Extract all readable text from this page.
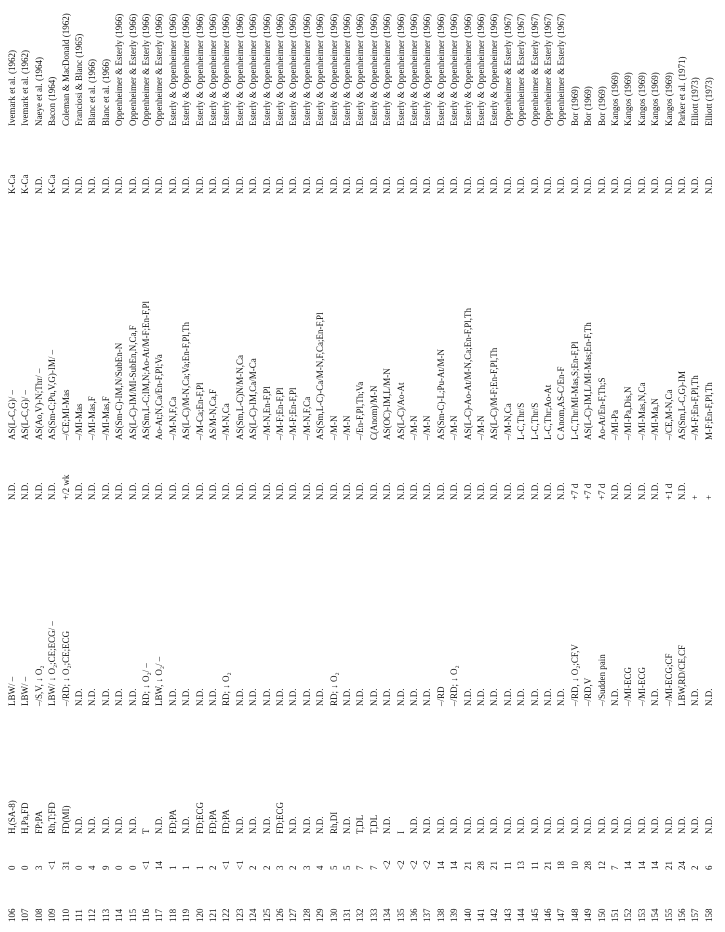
106
0
H,(SA-8)
LBW/ –
N.D.
AS(L-C,G)/ –
K-Ca
Ivemark et al. (1962)
107
0
H,Pa,FD
LBW/ –
N.D.
AS(L-C,G)/ –
K-Ca
Ivemark et al. (1962)
108
3
FP;PA
–/S,V, ↓ O₂
N.D.
AS(Ao,V)-N;Thr/ –
N.D.
Naeye et al. (1964)
109
<1
Rh,T;FD
LBW/ ↓ O₂;CE;ECG/ –
N.D.
AS(Sm-C;Pu,V,G)-IM/ –
K-Ca
Bacon (1964)
110
31
FD(MI)
–/RD; ↓ O₂;CE;ECG
+/2 wk
–/CE;MI-Mas
N.D.
Coleman & MacDonald (1962)
111
0
N.D.
N.D.
N.D.
–/MI-Mas
N.D.
Franciosi & Blanc (1965)
112
4
N.D.
N.D.
N.D.
–/MI-Mas,F
N.D.
Blanc et al. (1966)
113
9
N.D.
N.D.
N.D.
–/MI-Mas,F
N.D.
Blanc et al. (1966)
114
0
N.D.
N.D.
N.D.
AS(Sm-C)-IM,N/SubEn-N
N.D.
Oppenheimer & Esterly (1966)
115
0
N.D.
N.D.
N.D.
AS(L-C)-IM/MI-SubEn,N,Ca,F
N.D.
Oppenheimer & Esterly (1966)
116
<1
T
RD; ↓ O₂/ –
N.D.
AS(Sm,L-C;IM,N;Ao-At/M-F;En-F,Pl
N.D.
Oppenheimer & Esterly (1966)
117
14
N.D.
LBW, ↓ O₂/ –
N.D.
Ao-At;N,Ca/En-F,Pl;Va
N.D.
Oppenheimer & Esterly (1966)
118
1
FD;PA
N.D.
N.D.
–/M-N,F,Ca
N.D.
Esterly & Oppenheimer (1966)
119
1
N.D.
N.D.
N.D.
AS(L-C)/M-N,Ca;Va;En-F,Pl,Th
N.D.
Esterly & Oppenheimer (1966)
120
1
FD;ECG
N.D.
N.D.
–/M-Ca;En-F,Pl
N.D.
Esterly & Oppenheimer (1966)
121
2
FD;PA
N.D.
N.D.
AS/M-N,Ca,F
N.D.
Esterly & Oppenheimer (1966)
122
<1
FD;PA
RD; ↓ O₂
N.D.
–/M-N,Ca
N.D.
Esterly & Oppenheimer (1966)
123
<1
N.D.
N.D.
N.D.
AS(Sm,L-C)N/M-N,Ca
N.D.
Esterly & Oppenheimer (1966)
124
2
N.D.
N.D.
N.D.
AS(L-C)-IM,Ca/M-Ca
N.D.
Esterly & Oppenheimer (1966)
125
2
N.D.
N.D.
N.D.
–/M-N,En-F,Pl
N.D.
Esterly & Oppenheimer (1966)
126
3
FD;ECG
N.D.
N.D.
–/M-F;En-F,Pl
N.D.
Esterly & Oppenheimer (1966)
127
2
N.D.
N.D.
N.D.
–/M-F;En-F,Pl
N.D.
Esterly & Oppenheimer (1966)
128
3
N.D.
N.D.
N.D.
–/M-N,F,Ca
N.D.
Esterly & Oppenheimer (1966)
129
4
N.D.
N.D.
N.D.
AS(Sm,L-C)-Ca/M-N,F,Ca;En-F,Pl
N.D.
Esterly & Oppenheimer (1966)
130
5
Rh,DI
RD; ↓ O₂
N.D.
–/M-N
N.D.
Esterly & Oppenheimer (1966)
131
5
N.D.
N.D.
N.D.
–/M-N
N.D.
Esterly & Oppenheimer (1966)
132
7
T,DL
N.D.
N.D.
–/En-F,Pl,Th;Va
N.D.
Esterly & Oppenheimer (1966)
133
7
T,DL
N.D.
N.D.
C(Anom)/M-N
N.D.
Esterly & Oppenheimer (1966)
134
<2
N.D.
N.D.
N.D.
AS(OC)-IM,L/M-N
N.D.
Esterly & Oppenheimer (1966)
135
<2
I
N.D.
N.D.
AS(L-C)/Ao-At
N.D.
Esterly & Oppenheimer (1966)
136
<2
N.D.
N.D.
N.D.
–/M-N
N.D.
Esterly & Oppenheimer (1966)
137
<2
N.D.
N.D.
N.D.
–/M-N
N.D.
Esterly & Oppenheimer (1966)
138
14
N.D.
–/RD
N.D.
AS(Sm-C)-L;Pu-At/M-N
N.D.
Esterly & Oppenheimer (1966)
139
14
N.D.
–/RD; ↓ O₂
N.D.
–/M-N
N.D.
Esterly & Oppenheimer (1966)
140
21
N.D.
N.D.
N.D.
AS(L-C)-Ao-At/M-N,Ca;En-F,Pl,Th
N.D.
Esterly & Oppenheimer (1966)
141
28
N.D.
N.D.
N.D.
–/M-N
N.D.
Esterly & Oppenheimer (1966)
142
21
N.D.
N.D.
N.D.
AS(L-C)/M-F;En-F,Pl,Th
N.D.
Esterly & Oppenheimer (1966)
143
11
N.D.
N.D.
N.D.
–/M-N,Ca
N.D.
Oppenheimer & Esterly (1967)
144
13
N.D.
N.D.
N.D.
L-C,Thr/S
N.D.
Oppenheimer & Esterly (1967)
145
11
N.D.
N.D.
N.D.
L-C,Thr/S
N.D.
Oppenheimer & Esterly (1967)
146
21
N.D.
N.D.
N.D.
L-C,Thr;Ao-At
N.D.
Oppenheimer & Esterly (1967)
147
18
N.D.
N.D.
N.D.
C Anom,AS-C/En-F
N.D.
Oppenheimer & Esterly (1967)
148
10
N.D.
–/RD, ↓ O₂;CF,V
+7 d
L-C,Thr/MI-Mas,S;En-F,Pl
N.D.
Bor (1969)
149
28
N.D.
–/RD,V
+7 d
AS(L-C)-IM,L/MI-Mas;En-F,Th
N.D.
Bor (1969)
150
12
N.D.
–/Sudden pain
+7 d
Ao-At/En-F,Th;S
N.D.
Bor (1969)
151
7
N.D.
N.D.
N.D.
–/MI-Pa
N.D.
Kangos (1969)
152
14
N.D.
–/MI-ECG
N.D.
–/MI-Pa,Dis,N
N.D.
Kangos (1969)
153
14
N.D.
–/MI-ECG
N.D.
–/MI-Mas,N,Ca
N.D.
Kangos (1969)
154
14
N.D.
N.D.
N.D.
–/MI-Ma,N
N.D.
Kangos (1969)
155
21
N.D.
–/MI-ECG;CF
+1 d
–/CE,M-N,Ca
N.D.
Kangos (1969)
156
24
N.D.
LBW,RD/CE,CF
N.D.
AS(Sm,L-C,G)-IM
N.D.
Parker et al. (1971)
157
2
N.D.
N.D.
+
–/M-F;En-F,Pl,Th
N.D.
Elliott (1973)
158
6
N.D.
N.D.
+
M-F;En-F,Pl,Th
N.D.
Elliott (1973)
